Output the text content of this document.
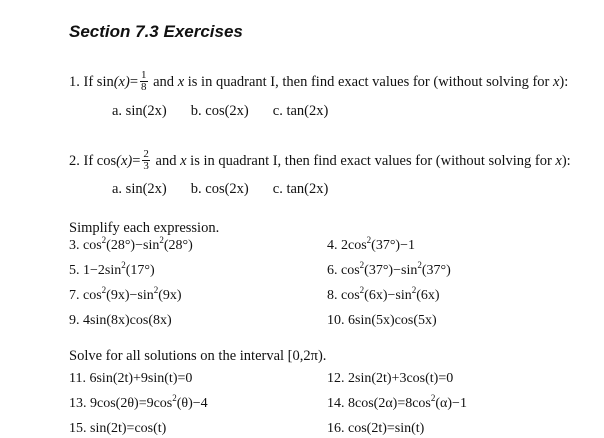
Section 7.3 Exercises
1. If $\sin(x)= \frac{1}{8}$ and x is in quadrant I, then find exact values for (without solving for x):
a. sin(2x) b. cos(2x) c. tan(2x)
2. If $\cos(x)= \frac{2}{3}$ and x is in quadrant I, then find exact values for (without solving for x):
a. sin(2x) b. cos(2x) c. tan(2x)
Simplify each expression.
3. $\cos^2(28^\circ)-\sin^2(28^\circ)$
5. $1-2\sin^2(17^\circ)$
7. $\cos^2(9x)-\sin^2(9x)$
9. 4sin(8x)cos(8x)
4. $2\cos^2(37^\circ)-1$
6. $\cos^2(37^\circ)-\sin^2(37^\circ)$
8. $\cos^2(6x)-\sin^2(6x)$
10. 6sin(5x)cos(5x)
Solve for all solutions on the interval [0,2π).
11. 6sin(2t)+9sin(t)=0
13. $9\cos(2\theta)=9\cos^2(\theta)-4$
15. sin(2t)=cos(t)
12. 2sin(2t)+3cos(t)=0
14. $8\cos(2\alpha)=8\cos^2(\alpha)-1$
16. cos(2t)=sin(t)
